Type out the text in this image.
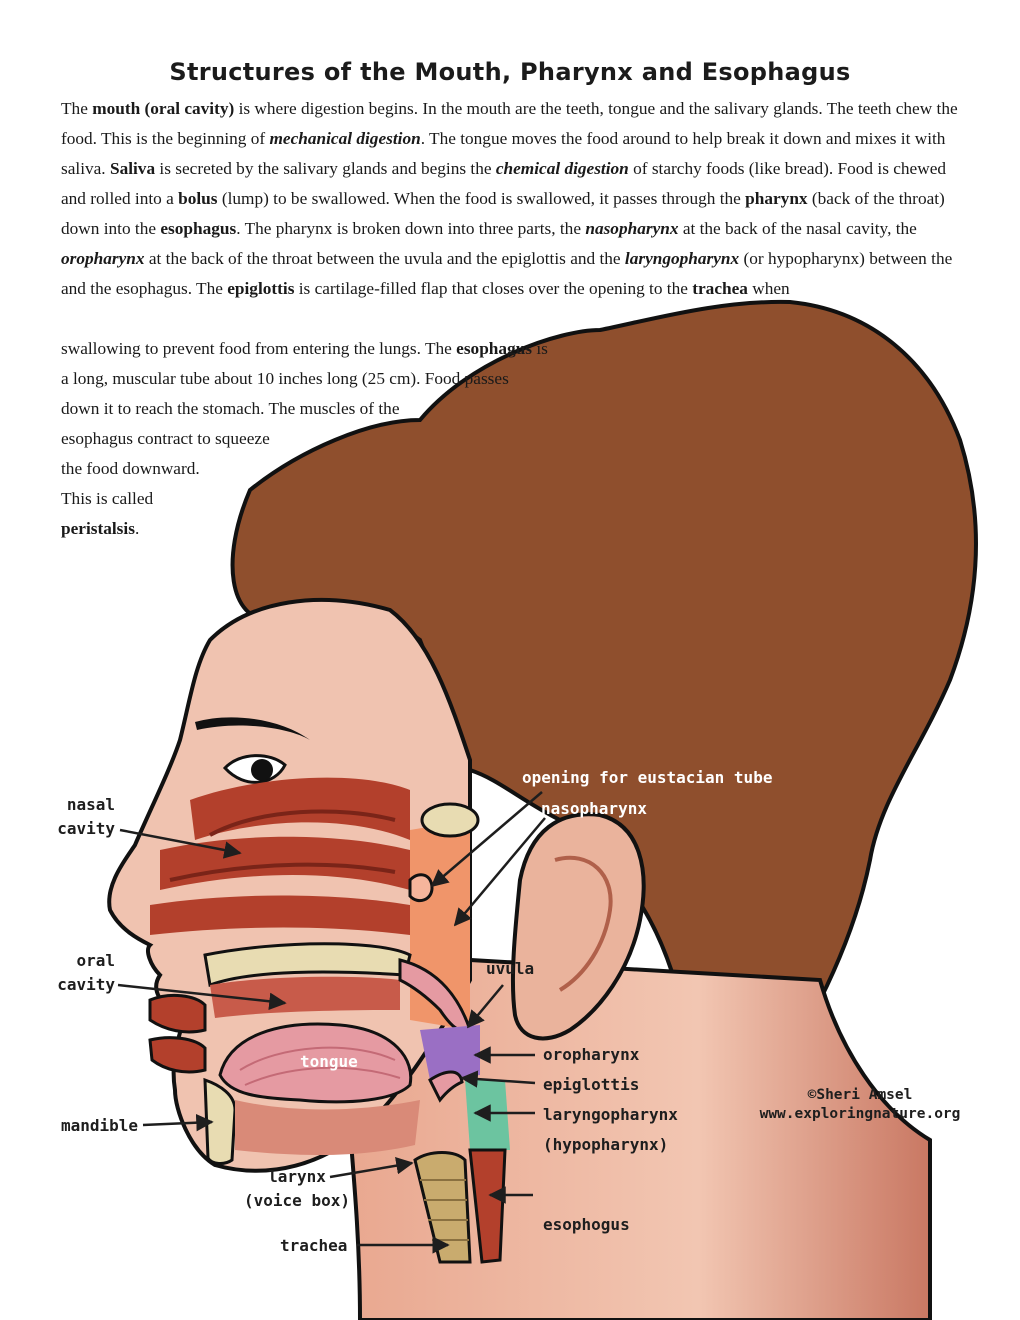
Structures of the Mouth, Pharynx and Esophagus

The mouth (oral cavity) is where digestion begins. In the mouth are the teeth, tongue and the salivary glands. The teeth chew the food. This is the beginning of mechanical digestion. The tongue moves the food around to help break it down and mixes it with saliva. Saliva is secreted by the salivary glands and begins the chemical digestion of starchy foods (like bread). Food is chewed and rolled into a bolus (lump) to be swallowed. When the food is swallowed, it passes through the pharynx (back of the throat) down into the esophagus. The pharynx is broken down into three parts, the nasopharynx at the back of the nasal cavity, the oropharynx at the back of the throat between the uvula and the epiglottis and the laryngopharynx (or hypopharynx) between the and the esophagus. The epiglottis is cartilage-filled flap that closes over the opening to the trachea when

swallowing to prevent food from entering the lungs. The esophagus is
a long, muscular tube about 10 inches long (25 cm). Food passes
down it to reach the stomach. The muscles of the
esophagus contract to squeeze
the food downward.
This is called
peristalsis.

opening for eustacian tube
nasopharynx
nasal
cavity
oral
cavity
uvula
tongue	oropharynx
epiglottis
laryngopharynx
(hypopharynx)
mandible
larynx
(voice box)
esophogus
trachea
©Sheri Amsel
www.exploringnature.org
